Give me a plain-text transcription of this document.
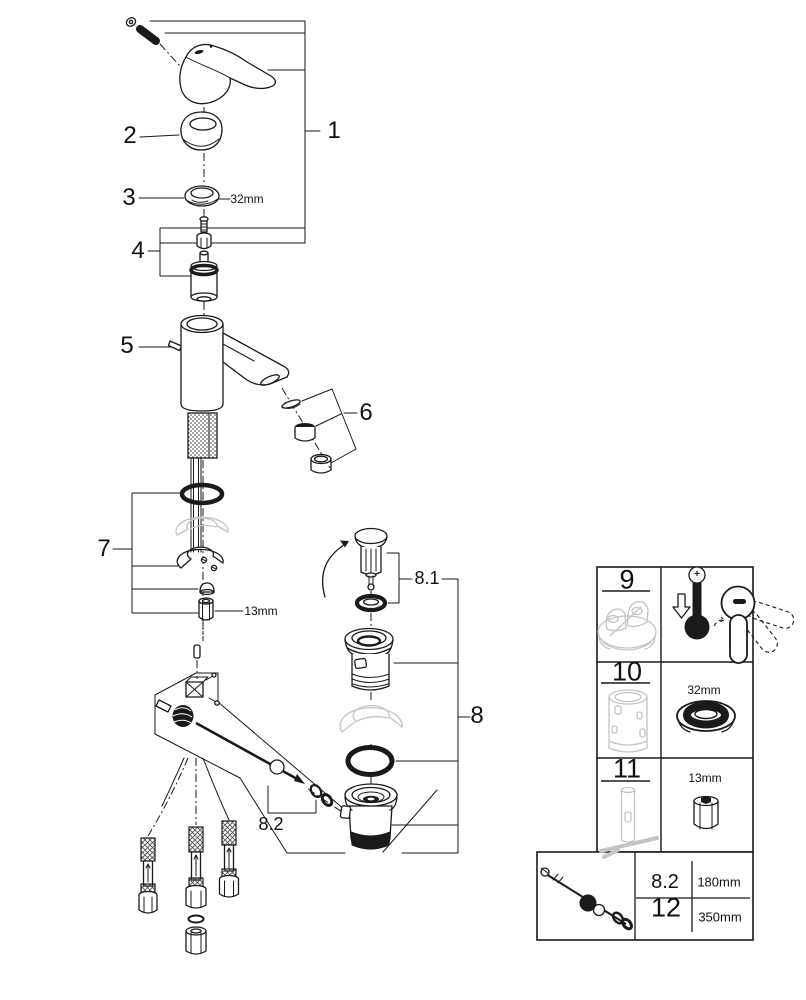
1
2
3
4
5
6
7
8
8.1
8.2
32mm
13mm
9	+
10
32mm
11	13mm
8.2 180mm
12 350mm
